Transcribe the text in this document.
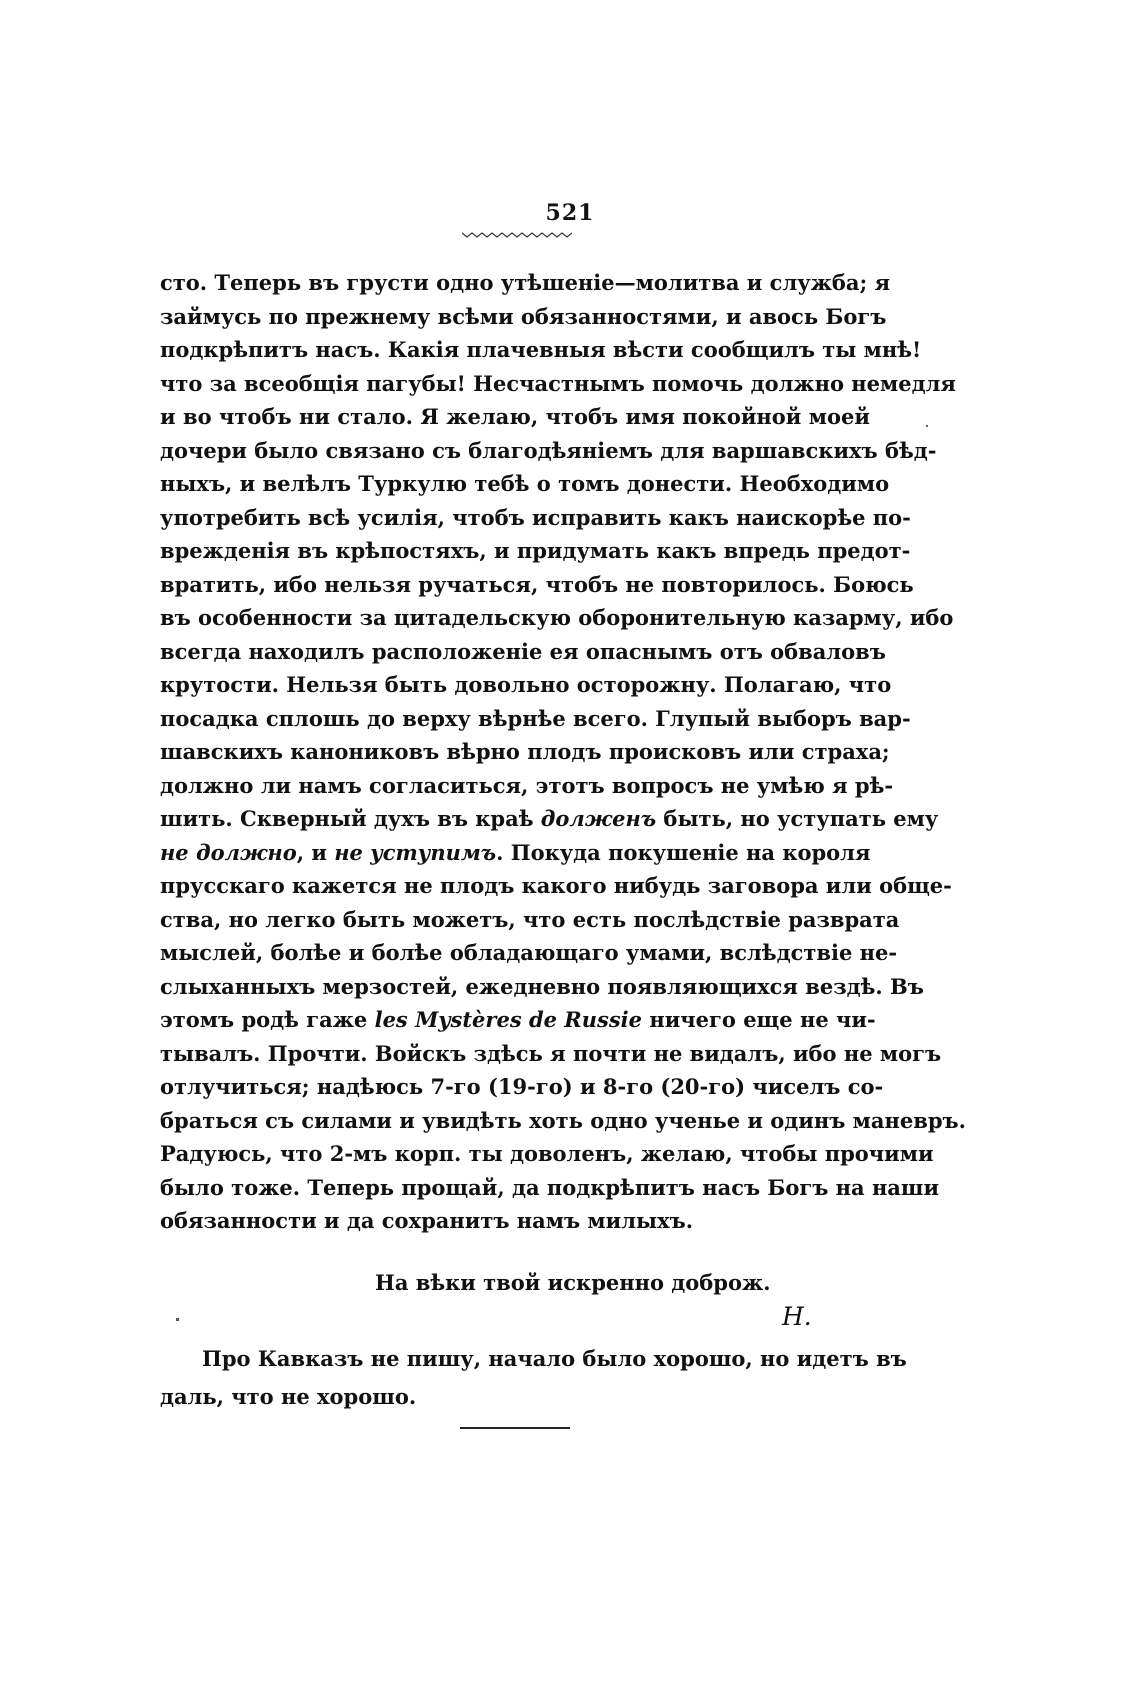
521
сто. Теперь въ грусти одно утѣшеніе—молитва и служба; я
займусь по прежнему всѣми обязанностями, и авось Богъ
подкрѣпитъ насъ. Какія плачевныя вѣсти сообщилъ ты мнѣ!
что за всеобщія пагубы! Несчастнымъ помочь должно немедля
и во чтобъ ни стало. Я желаю, чтобъ имя покойной моей
дочери было связано съ благодѣяніемъ для варшавскихъ бѣд-
ныхъ, и велѣлъ Туркулю тебѣ о томъ донести. Необходимо
употребить всѣ усилія, чтобъ исправить какъ наискорѣе по-
врежденія въ крѣпостяхъ, и придумать какъ впредь предот-
вратить, ибо нельзя ручаться, чтобъ не повторилось. Боюсь
въ особенности за цитадельскую оборонительную казарму, ибо
всегда находилъ расположеніе ея опаснымъ отъ обваловъ
крутости. Нельзя быть довольно осторожну. Полагаю, что
посадка сплошь до верху вѣрнѣе всего. Глупый выборъ вар-
шавскихъ канониковъ вѣрно плодъ происковъ или страха;
должно ли намъ согласиться, этотъ вопросъ не умѣю я рѣ-
шить. Скверный духъ въ краѣ долженъ быть, но уступать ему
не должно, и не уступимъ. Покуда покушеніе на короля
прусскаго кажется не плодъ какого нибудь заговора или обще-
ства, но легко быть можетъ, что есть послѣдствіе разврата
мыслей, болѣе и болѣе обладающаго умами, вслѣдствіе не-
слыханныхъ мерзостей, ежедневно появляющихся вездѣ. Въ
этомъ родѣ гаже les Mystères de Russie ничего еще не чи-
тывалъ. Прочти. Войскъ здѣсь я почти не видалъ, ибо не могъ
отлучиться; надѣюсь 7-го (19-го) и 8-го (20-го) чиселъ со-
браться съ силами и увидѣть хоть одно ученье и одинъ маневръ.
Радуюсь, что 2-мъ корп. ты доволенъ, желаю, чтобы прочими
было тоже. Теперь прощай, да подкрѣпитъ насъ Богъ на наши
обязанности и да сохранитъ намъ милыхъ.
На вѣки твой искренно доброж.
Н.
Про Кавказъ не пишу, начало было хорошо, но идетъ въ
даль, что не хорошо.
